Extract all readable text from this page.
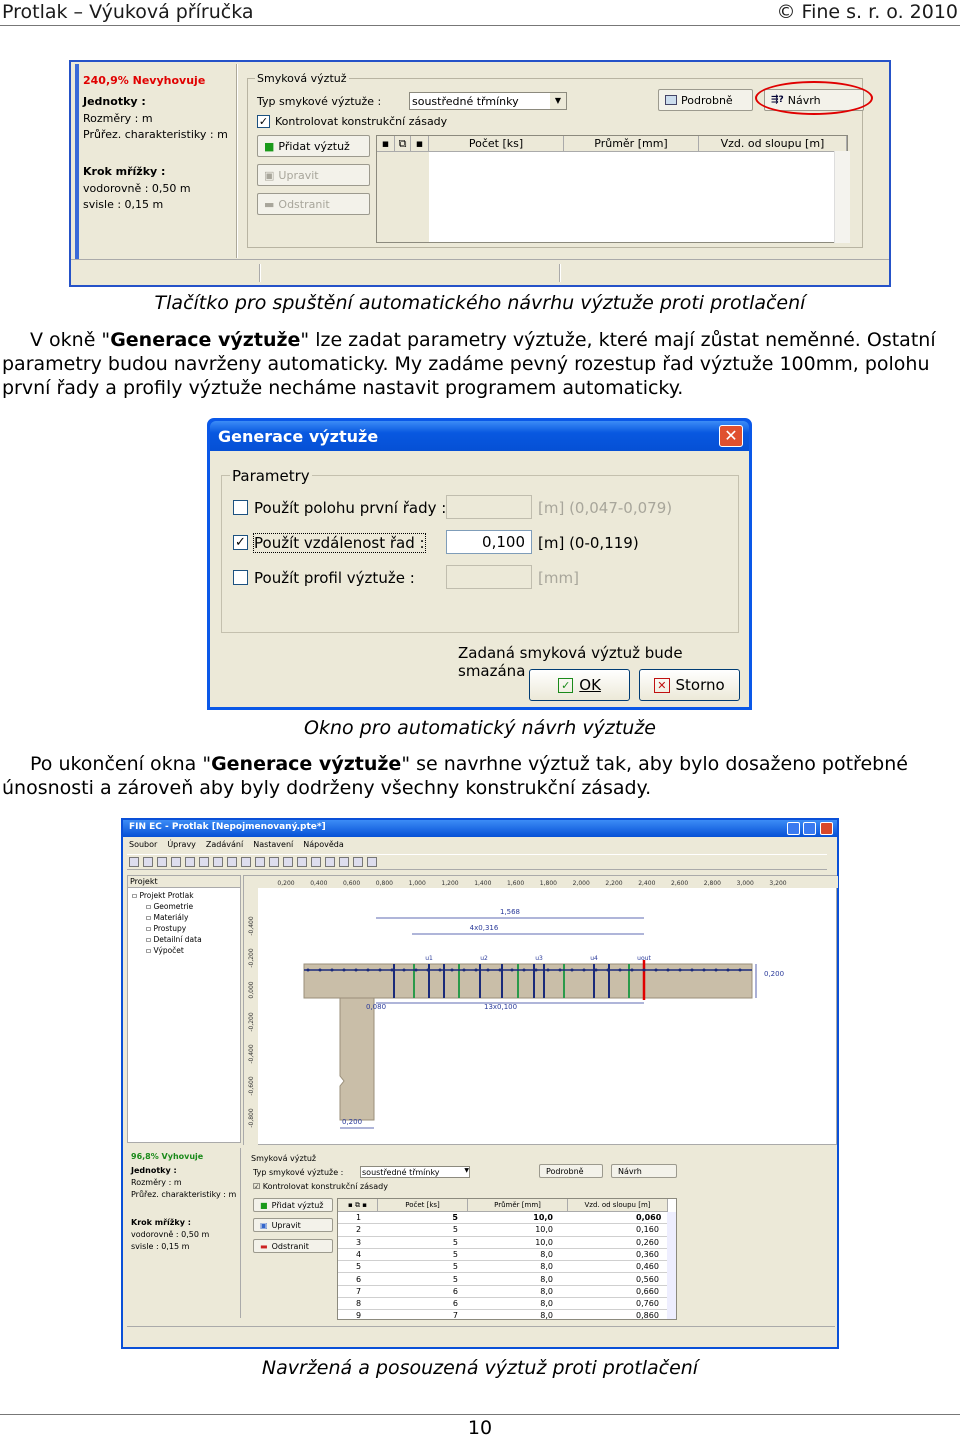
Protlak – Výuková příručka	© Fine s. r. o. 2010
240,9% Nevyhovuje
Jednotky :
Rozměry : m
Průřez. charakteristiky : m
Krok mřížky :
vodorovně : 0,50 m
svisle : 0,15 m
Smyková výztuž
Typ smykové výztuže :	soustředné třmínky	▼
✓ Kontrolovat konstrukční zásady
Podrobně	⇶? Návrh
■ Přidat výztuž
▣ Upravit
▬ Odstranit
▪ ⧉ ▪	Počet [ks]	Průměr [mm]	Vzd. od sloupu [m]
Tlačítko pro spuštění automatického návrhu výztuže proti protlačení

V okně "Generace výztuže" lze zadat parametry výztuže, které mají zůstat neměnné. Ostatní parametry budou navrženy automaticky. My zadáme pevný rozestup řad výztuže 100mm, polohu první řady a profily výztuže necháme nastavit programem automaticky.

Generace výztuže	✕
Parametry
Použít polohu první řady :	[m] (0,047-0,079)
✓ Použít vzdálenost řad :	0,100 [m] (0-0,119)
Použít profil výztuže :	[mm]
Zadaná smyková výztuž bude smazána
✓ OK	✕ Storno
Okno pro automatický návrh výztuže

Po ukončení okna "Generace výztuže" se navrhne výztuž tak, aby bylo dosaženo potřebné únosnosti a zároveň aby byly dodrženy všechny konstrukční zásady.

FIN EC - Protlak [Nepojmenovaný.pte*]
Soubor Úpravy Zadávání Nastavení Nápověda
Projekt
▫ Projekt Protlak
▫ Geometrie
▫ Materiály
▫ Prostupy
▫ Detailní data
▫ Výpočet
0,200	0,400	0,600	0,800	1,000	1,200	1,400	1,600	1,800	2,000	2,200	2,400	2,600	2,800	3,000	3,200
-0,400
-0,200
0,000
-0,200
-0,400
-0,600
-0,800
1,568
4x0,316
0,200
0,080	13x0,100
0,200
u1	u2	u3	u4	uout
96,8% Vyhovuje
Jednotky :
Rozměry : m
Průřez. charakteristiky : m
Krok mřížky :
vodorovně : 0,50 m
svisle : 0,15 m
Smyková výztuž
Typ smykové výztuže : soustředné třmínky	▼
☑ Kontrolovat konstrukční zásady
Podrobně	Návrh
■ Přidat výztuž
▣ Upravit
▬ Odstranit
▪ ⧉ ▪	Počet [ks]	Průměr [mm]	Vzd. od sloupu [m]
1	5	10,0	0,060
2	5	10,0	0,160
3	5	10,0	0,260
4	5	8,0	0,360
5	5	8,0	0,460
6	5	8,0	0,560
7	6	8,0	0,660
8	6	8,0	0,760
9	7	8,0	0,860
Navržená a posouzená výztuž proti protlačení
10
